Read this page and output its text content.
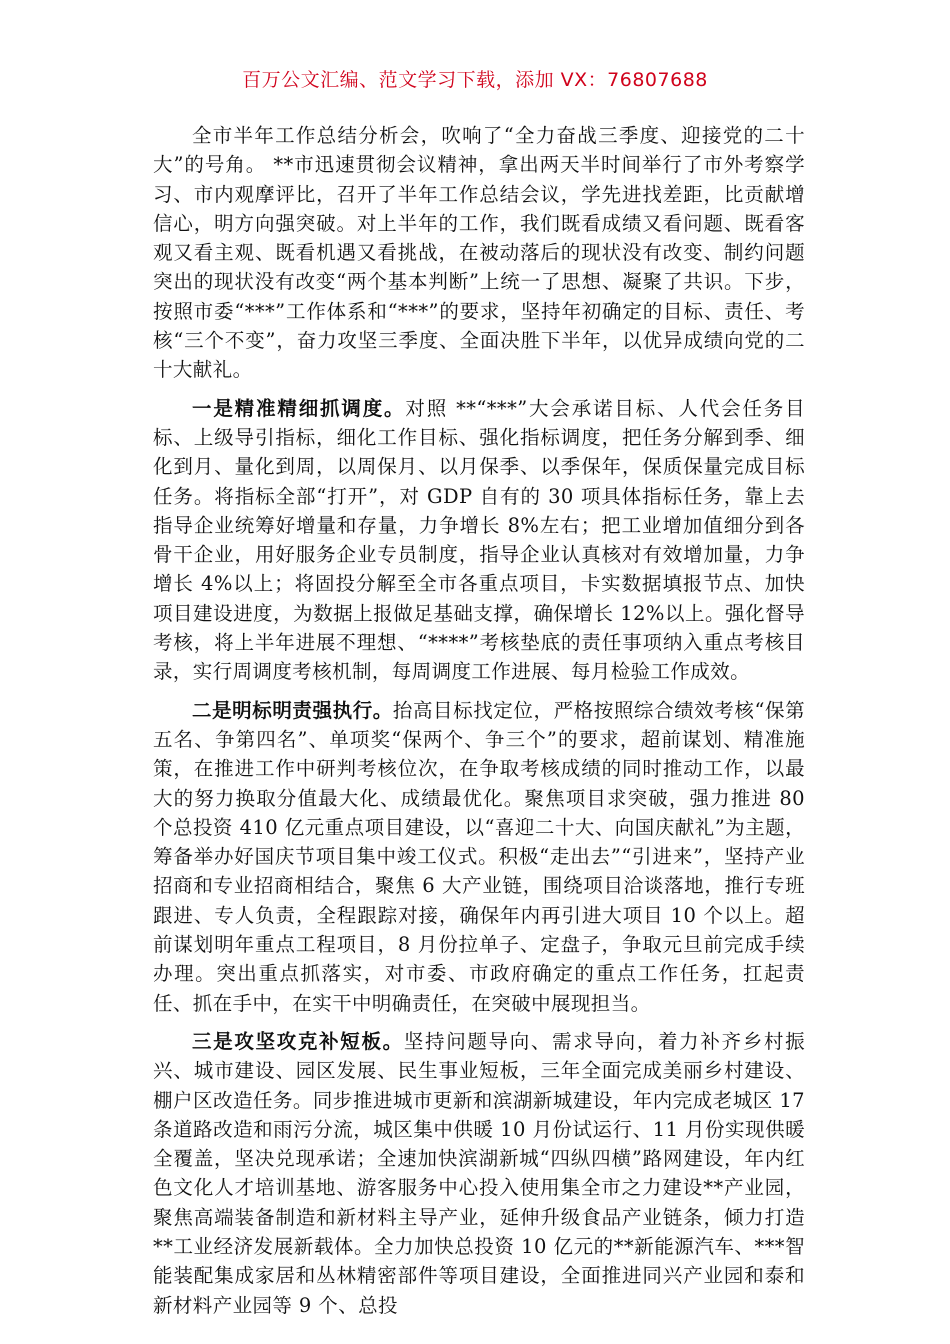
百万公文汇编、范文学习下载，添加 VX：76807688

全市半年工作总结分析会，吹响了“全力奋战三季度、迎接党的二十大”的号角。 **市迅速贯彻会议精神，拿出两天半时间举行了市外考察学习、市内观摩评比，召开了半年工作总结会议，学先进找差距，比贡献增信心，明方向强突破。对上半年的工作，我们既看成绩又看问题、既看客观又看主观、既看机遇又看挑战，在被动落后的现状没有改变、制约问题突出的现状没有改变“两个基本判断”上统一了思想、凝聚了共识。下步，按照市委“***”工作体系和“***”的要求，坚持年初确定的目标、责任、考核“三个不变”，奋力攻坚三季度、全面决胜下半年，以优异成绩向党的二十大献礼。

一是精准精细抓调度。对照 **“***”大会承诺目标、人代会任务目标、上级导引指标，细化工作目标、强化指标调度，把任务分解到季、细化到月、量化到周，以周保月、以月保季、以季保年，保质保量完成目标任务。将指标全部“打开”，对 GDP 自有的 30 项具体指标任务，靠上去指导企业统筹好增量和存量，力争增长 8%左右；把工业增加值细分到各骨干企业，用好服务企业专员制度，指导企业认真核对有效增加量，力争增长 4%以上；将固投分解至全市各重点项目，卡实数据填报节点、加快项目建设进度，为数据上报做足基础支撑，确保增长 12%以上。强化督导考核，将上半年进展不理想、“****”考核垫底的责任事项纳入重点考核目录，实行周调度考核机制，每周调度工作进展、每月检验工作成效。

二是明标明责强执行。抬高目标找定位，严格按照综合绩效考核“保第五名、争第四名”、单项奖“保两个、争三个”的要求，超前谋划、精准施策，在推进工作中研判考核位次，在争取考核成绩的同时推动工作，以最大的努力换取分值最大化、成绩最优化。聚焦项目求突破，强力推进 80 个总投资 410 亿元重点项目建设，以“喜迎二十大、向国庆献礼”为主题，筹备举办好国庆节项目集中竣工仪式。积极“走出去”“引进来”，坚持产业招商和专业招商相结合，聚焦 6 大产业链，围绕项目洽谈落地，推行专班跟进、专人负责，全程跟踪对接，确保年内再引进大项目 10 个以上。超前谋划明年重点工程项目，8 月份拉单子、定盘子，争取元旦前完成手续办理。突出重点抓落实，对市委、市政府确定的重点工作任务，扛起责任、抓在手中，在实干中明确责任，在突破中展现担当。

三是攻坚攻克补短板。坚持问题导向、需求导向，着力补齐乡村振兴、城市建设、园区发展、民生事业短板，三年全面完成美丽乡村建设、棚户区改造任务。同步推进城市更新和滨湖新城建设，年内完成老城区 17 条道路改造和雨污分流，城区集中供暖 10 月份试运行、11 月份实现供暖全覆盖，坚决兑现承诺；全速加快滨湖新城“四纵四横”路网建设，年内红色文化人才培训基地、游客服务中心投入使用集全市之力建设**产业园，聚焦高端装备制造和新材料主导产业，延伸升级食品产业链条，倾力打造 **工业经济发展新载体。全力加快总投资 10 亿元的**新能源汽车、***智能装配集成家居和丛林精密部件等项目建设，全面推进同兴产业园和泰和新材料产业园等 9 个、总投
